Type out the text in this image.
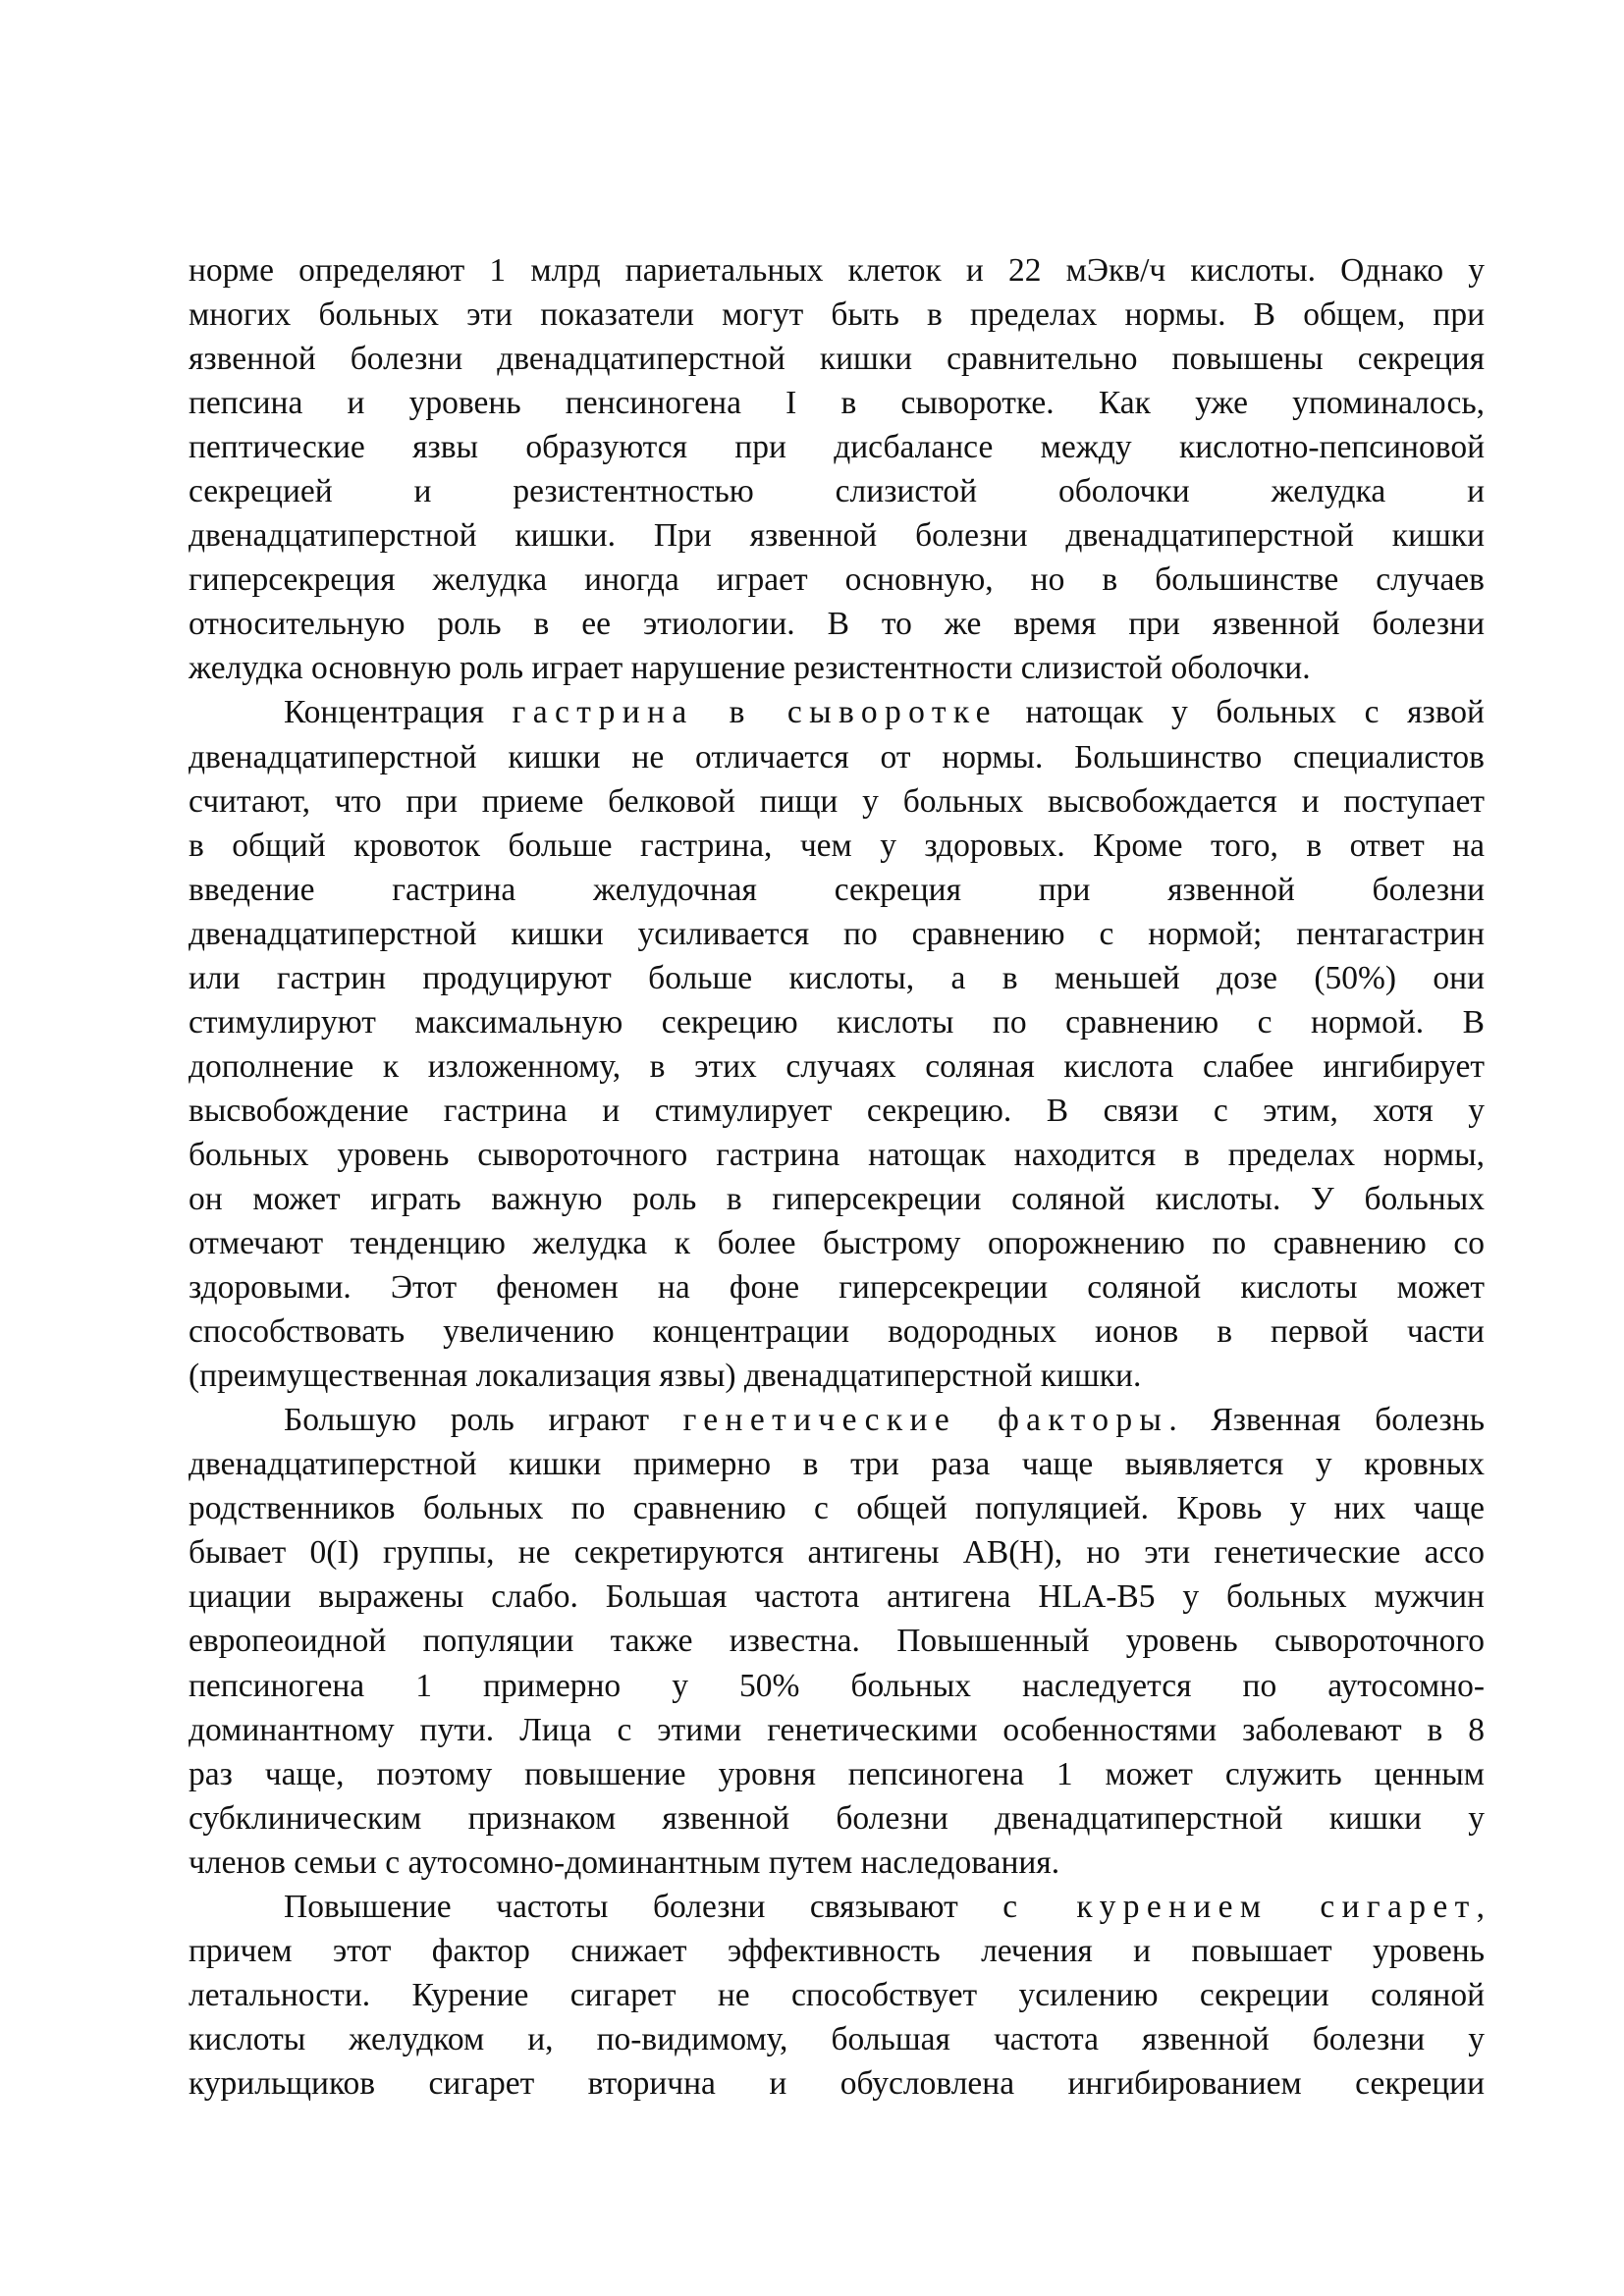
норме определяют 1 млрд париетальных клеток и 22 мЭкв/ч кислоты. Однако у
многих больных эти показатели могут быть в пределах нормы. В общем, при
язвенной болезни двенадцатиперстной кишки сравнительно повышены секреция
пепсина и уровень пенсиногена I в сыворотке. Как уже упоминалось,
пептические язвы образуются при дисбалансе между кислотно-пепсиновой
секрецией и резистентностью слизистой оболочки желудка и
двенадцатиперстной кишки. При язвенной болезни двенадцатиперстной кишки
гиперсекреция желудка иногда играет основную, но в большинстве случаев
относительную роль в ее этиологии. В то же время при язвенной болезни
желудка основную роль играет нарушение резистентности слизистой оболочки.
Концентрация гастрина в сыворотке натощак у больных с язвой
двенадцатиперстной кишки не отличается от нормы. Большинство специалистов
считают, что при приеме белковой пищи у больных высвобождается и поступает
в общий кровоток больше гастрина, чем у здоровых. Кроме того, в ответ на
введение гастрина желудочная секреция при язвенной болезни
двенадцатиперстной кишки усиливается по сравнению с нормой; пентагастрин
или гастрин продуцируют больше кислоты, а в меньшей дозе (50%) они
стимулируют максимальную секрецию кислоты по сравнению с нормой. В
дополнение к изложенному, в этих случаях соляная кислота слабее ингибирует
высвобождение гастрина и стимулирует секрецию. В связи с этим, хотя у
больных уровень сывороточного гастрина натощак находится в пределах нормы,
он может играть важную роль в гиперсекреции соляной кислоты. У больных
отмечают тенденцию желудка к более быстрому опорожнению по сравнению со
здоровыми. Этот феномен на фоне гиперсекреции соляной кислоты может
способствовать увеличению концентрации водородных ионов в первой части
(преимущественная локализация язвы) двенадцатиперстной кишки.
Большую роль играют генетические факторы. Язвенная болезнь
двенадцатиперстной кишки примерно в три раза чаще выявляется у кровных
родственников больных по сравнению с общей популяцией. Кровь у них чаще
бывает 0(I) группы, не секретируются антигены АВ(Н), но эти генетические ассо
циации выражены слабо. Большая частота антигена HLA-B5 у больных мужчин
европеоидной популяции также известна. Повышенный уровень сывороточного
пепсиногена 1 примерно у 50% больных наследуется по аутосомно-
доминантному пути. Лица с этими генетическими особенностями заболевают в 8
раз чаще, поэтому повышение уровня пепсиногена 1 может служить ценным
субклиническим признаком язвенной болезни двенадцатиперстной кишки у
членов семьи с аутосомно-доминантным путем наследования.
Повышение частоты болезни связывают с курением сигарет,
причем этот фактор снижает эффективность лечения и повышает уровень
летальности. Курение сигарет не способствует усилению секреции соляной
кислоты желудком и, по-видимому, большая частота язвенной болезни у
курильщиков сигарет вторична и обусловлена ингибированием секреции
